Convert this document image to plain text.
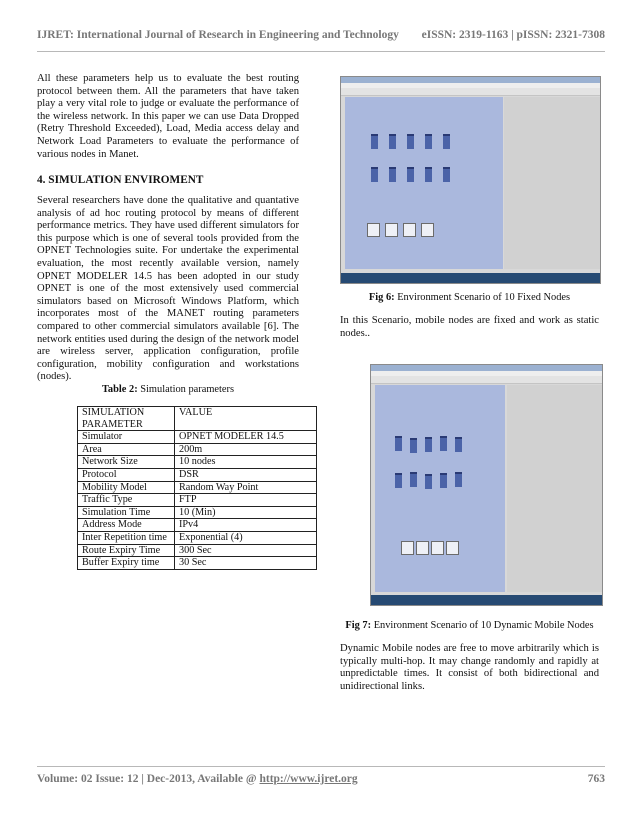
IJRET: International Journal of Research in Engineering and Technology eISSN: 2319-1163 | pISSN: 2321-7308
All these parameters help us to evaluate the best routing protocol between them. All the parameters that have taken play a very vital role to judge or evaluate the performance of the wireless network. In this paper we can use Data Dropped (Retry Threshold Exceeded), Load, Media access delay and Network Load Parameters to evaluate the performance of various nodes in Manet.
4. SIMULATION ENVIROMENT
Several researchers have done the qualitative and quantative analysis of ad hoc routing protocol by means of different performance metrics. They have used different simulators for this purpose which is one of several tools provided from the OPNET Technologies suite. For undertake the experimental evaluation, the most recently available version, namely OPNET MODELER 14.5 has been adopted in our study OPNET is one of the most extensively used commercial simulators based on Microsoft Windows Platform, which incorporates most of the MANET routing parameters compared to other commercial simulators available [6]. The network entities used during the design of the network model are wireless server, application configuration, profile configuration, mobility configuration and workstations (nodes).
Table 2: Simulation parameters
SIMULATION PARAMETER	VALUE
Simulator	OPNET MODELER 14.5
Area	200m
Network Size	10 nodes
Protocol	DSR
Mobility Model	Random Way Point
Traffic Type	FTP
Simulation Time	10 (Min)
Address Mode	IPv4
Inter Repetition time	Exponential (4)
Route Expiry Time	300 Sec
Buffer Expiry time	30 Sec
Fig 6: Environment Scenario of 10 Fixed Nodes
In this Scenario, mobile nodes are fixed and work as static nodes..
Fig 7: Environment Scenario of 10 Dynamic Mobile Nodes
Dynamic Mobile nodes are free to move arbitrarily which is typically multi-hop. It may change randomly and rapidly at unpredictable times. It consist of both bidirectional and unidirectional links.
Volume: 02 Issue: 12 | Dec-2013, Available @ http://www.ijret.org	763
